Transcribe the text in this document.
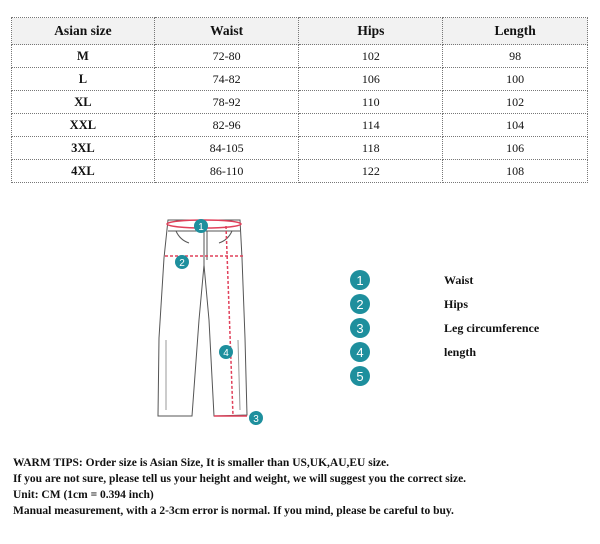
Asian size	Waist	Hips	Length
M	72-80	102	98
L	74-82	106	100
XL	78-92	110	102
XXL	82-96	114	104
3XL	84-105	118	106
4XL	86-110	122	108
1
2
4
3
1	Waist
2	Hips
3	Leg circumference
4	length
5
WARM TIPS: Order size is Asian Size, It is smaller than US,UK,AU,EU size.
If you are not sure, please tell us your height and weight, we will suggest you the correct size.
Unit: CM (1cm = 0.394 inch)
Manual measurement, with a 2-3cm error is normal. If you mind, please be careful to buy.
